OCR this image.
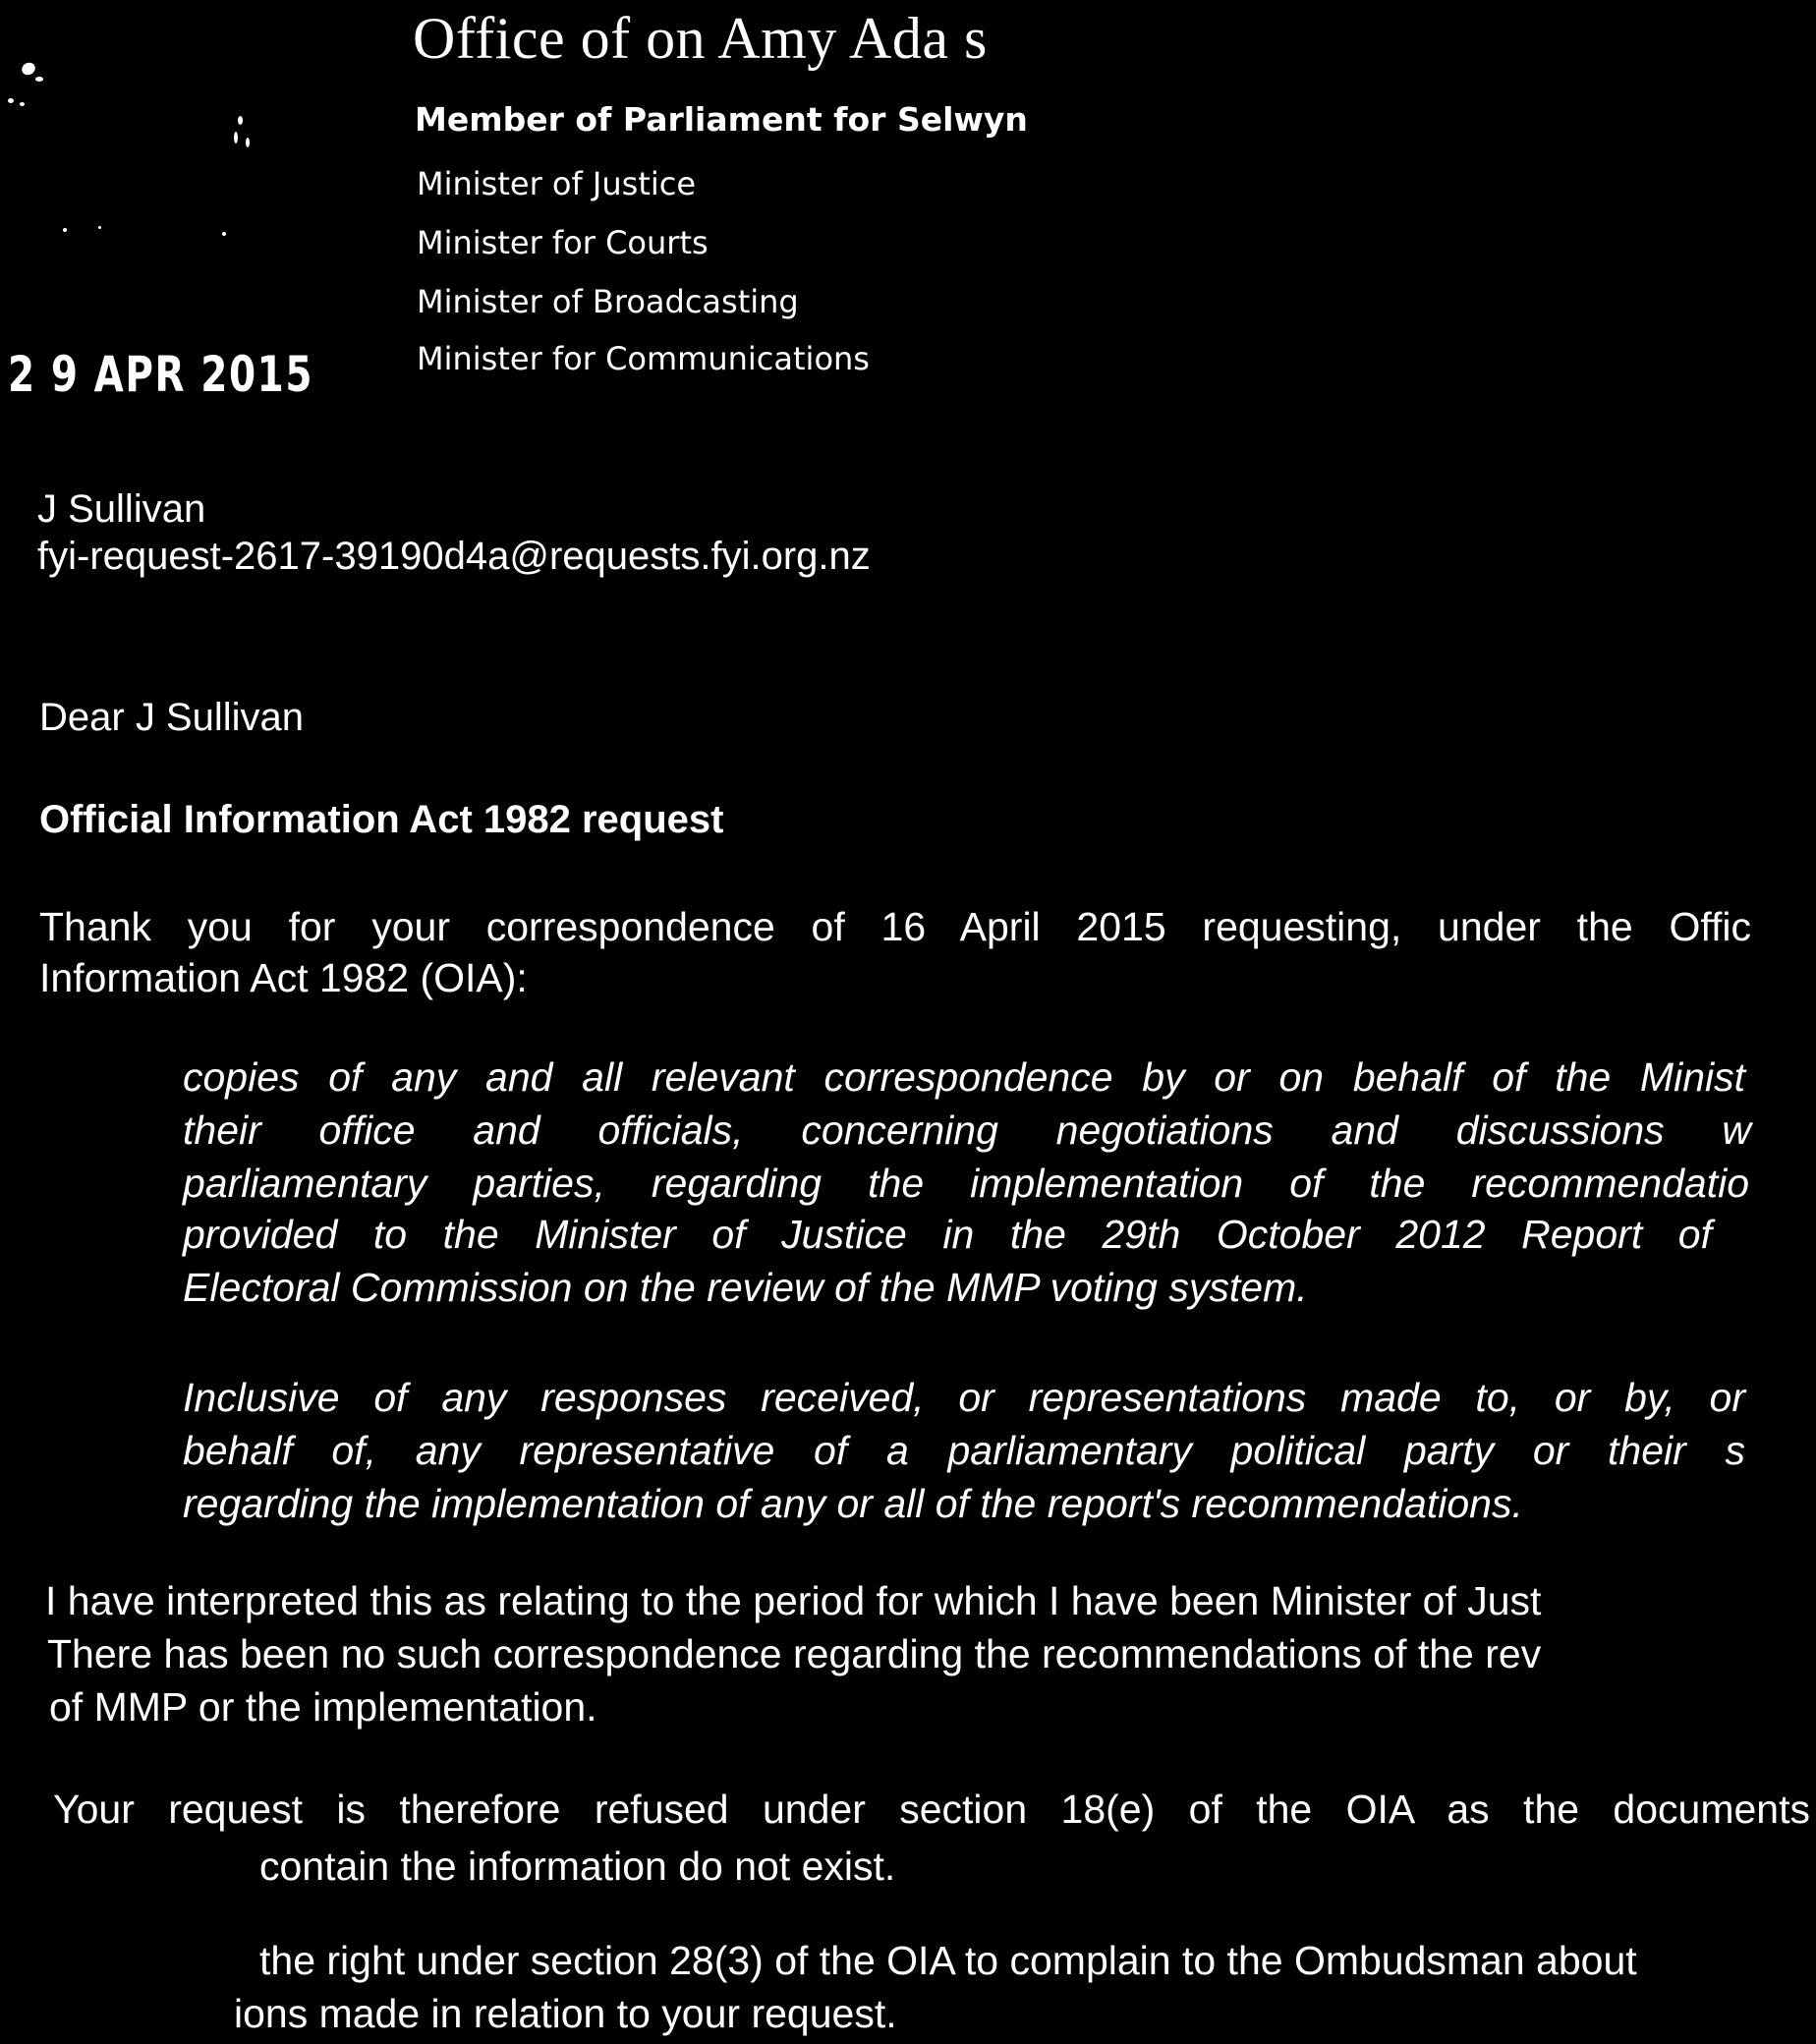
Office of on Amy Ada s
Member of Parliament for Selwyn
Minister of Justice
Minister for Courts
Minister of Broadcasting
Minister for Communications
2 9 APR 2015
J Sullivan
fyi-request-2617-39190d4a@requests.fyi.org.nz
Dear J Sullivan
Official Information Act 1982 request
Thank you for your correspondence of 16 April 2015 requesting, under the Offic
Information Act 1982 (OIA):
copies of any and all relevant correspondence by or on behalf of the Minist
their office and officials, concerning negotiations and discussions w
parliamentary parties, regarding the implementation of the recommendatio
provided to the Minister of Justice in the 29th October 2012 Report of
Electoral Commission on the review of the MMP voting system.
Inclusive of any responses received, or representations made to, or by, or
behalf of, any representative of a parliamentary political party or their s
regarding the implementation of any or all of the report's recommendations.
I have interpreted this as relating to the period for which I have been Minister of Just
There has been no such correspondence regarding the recommendations of the rev
of MMP or the implementation.
Your request is therefore refused under section 18(e) of the OIA as the documents
contain the information do not exist.
the right under section 28(3) of the OIA to complain to the Ombudsman about
ions made in relation to your request.
